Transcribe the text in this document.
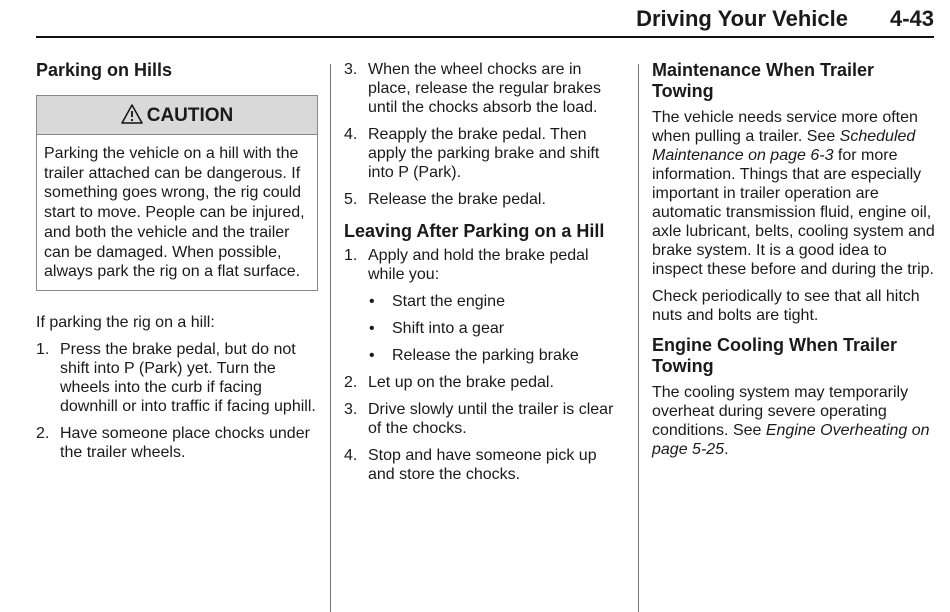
Driving Your Vehicle 4-43
Parking on Hills
CAUTION
Parking the vehicle on a hill with the trailer attached can be dangerous. If something goes wrong, the rig could start to move. People can be injured, and both the vehicle and the trailer can be damaged. When possible, always park the rig on a flat surface.

If parking the rig on a hill:

1. Press the brake pedal, but do not shift into P (Park) yet. Turn the wheels into the curb if facing downhill or into traffic if facing uphill.
2. Have someone place chocks under the trailer wheels.
3. When the wheel chocks are in place, release the regular brakes until the chocks absorb the load.
4. Reapply the brake pedal. Then apply the parking brake and shift into P (Park).
5. Release the brake pedal.
Leaving After Parking on a Hill
1. Apply and hold the brake pedal while you:
• Start the engine
• Shift into a gear
• Release the parking brake
2. Let up on the brake pedal.
3. Drive slowly until the trailer is clear of the chocks.
4. Stop and have someone pick up and store the chocks.
Maintenance When Trailer Towing

The vehicle needs service more often when pulling a trailer. See Scheduled Maintenance on page 6-3 for more information. Things that are especially important in trailer operation are automatic transmission fluid, engine oil, axle lubricant, belts, cooling system and brake system. It is a good idea to inspect these before and during the trip.

Check periodically to see that all hitch nuts and bolts are tight.

Engine Cooling When Trailer Towing

The cooling system may temporarily overheat during severe operating conditions. See Engine Overheating on page 5-25.
